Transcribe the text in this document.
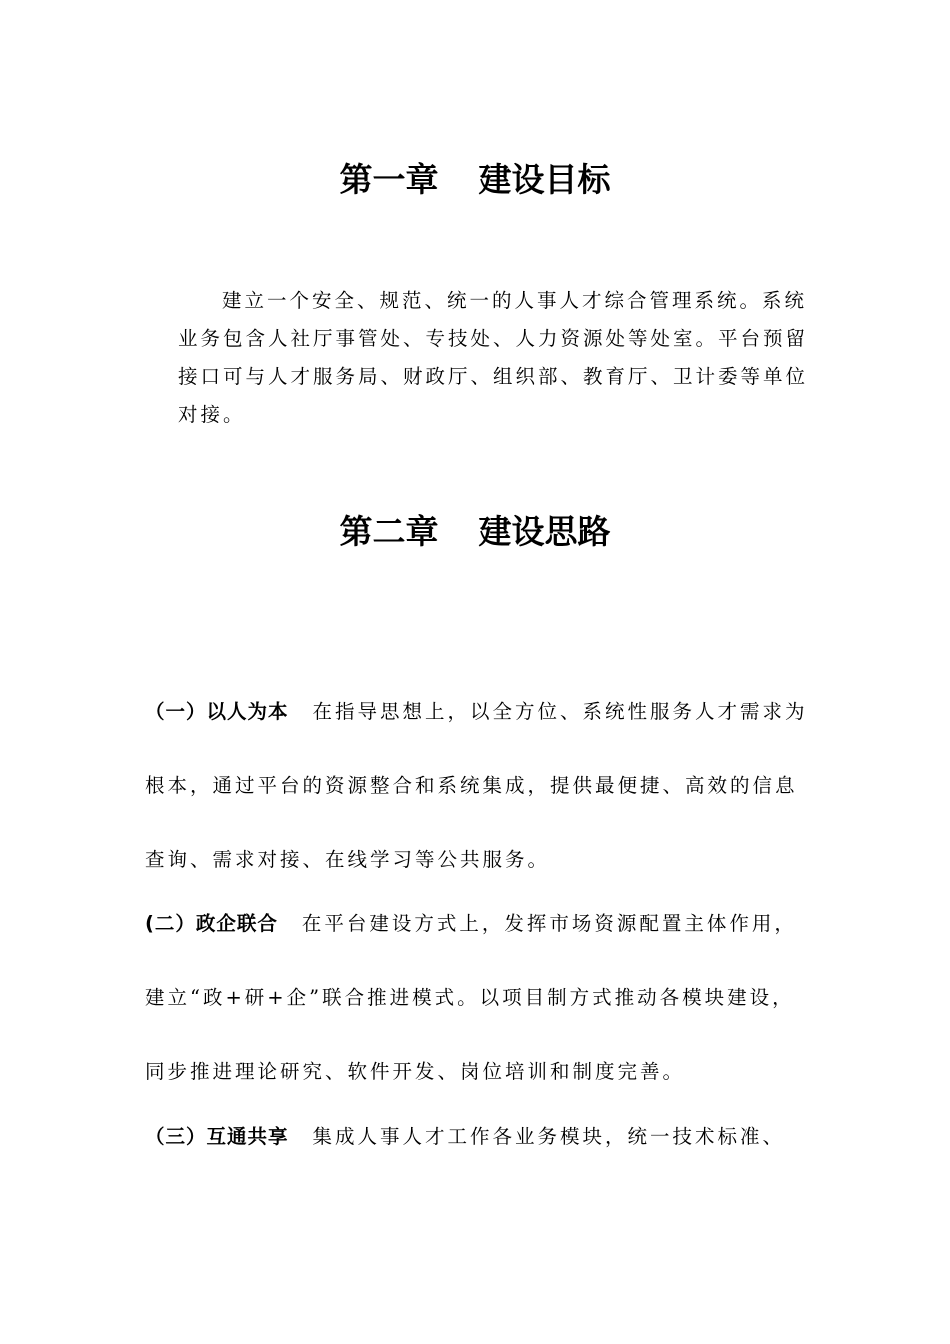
第一章 建设目标

建立一个安全、规范、统一的人事人才综合管理系统。系统业务包含人社厅事管处、专技处、人力资源处等处室。平台预留接口可与人才服务局、财政厅、组织部、教育厅、卫计委等单位对接。

第二章 建设思路

（一）以人为本 在指导思想上，以全方位、系统性服务人才需求为根本，通过平台的资源整合和系统集成，提供最便捷、高效的信息查询、需求对接、在线学习等公共服务。

(二）政企联合 在平台建设方式上，发挥市场资源配置主体作用，建立“政+研+企”联合推进模式。以项目制方式推动各模块建设，同步推进理论研究、软件开发、岗位培训和制度完善。

（三）互通共享 集成人事人才工作各业务模块，统一技术标准、
